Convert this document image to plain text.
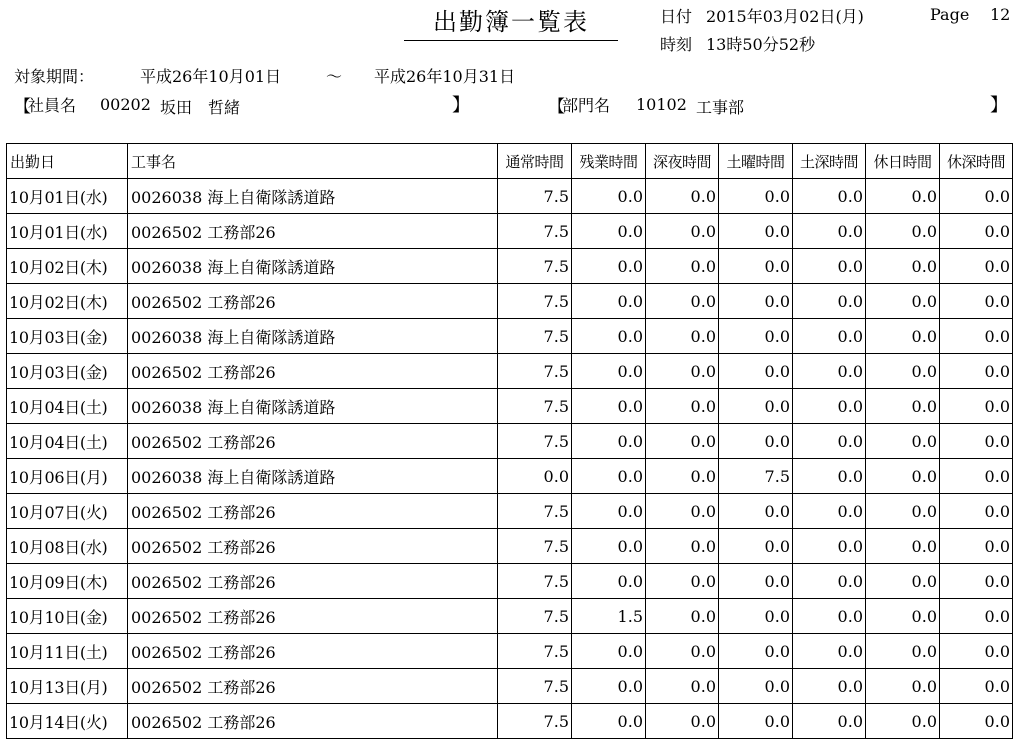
出勤簿一覧表	日付 2015年03月02日(月)
時刻 13時50分52秒
Page 12
対象期間：	平成26年10月01日	～ 平成26年10月31日
【
社員名 00202 坂田　哲緒	】	【
部門名 10102 工事部	】
出勤日	工事名	通常時間	残業時間	深夜時間	土曜時間	土深時間	休日時間	休深時間
10月01日(水)	0026038 海上自衛隊誘道路	7.5	0.0	0.0	0.0	0.0	0.0	0.0
10月01日(水)	0026502 工務部26	7.5	0.0	0.0	0.0	0.0	0.0	0.0
10月02日(木)	0026038 海上自衛隊誘道路	7.5	0.0	0.0	0.0	0.0	0.0	0.0
10月02日(木)	0026502 工務部26	7.5	0.0	0.0	0.0	0.0	0.0	0.0
10月03日(金)	0026038 海上自衛隊誘道路	7.5	0.0	0.0	0.0	0.0	0.0	0.0
10月03日(金)	0026502 工務部26	7.5	0.0	0.0	0.0	0.0	0.0	0.0
10月04日(土)	0026038 海上自衛隊誘道路	7.5	0.0	0.0	0.0	0.0	0.0	0.0
10月04日(土)	0026502 工務部26	7.5	0.0	0.0	0.0	0.0	0.0	0.0
10月06日(月)	0026038 海上自衛隊誘道路	0.0	0.0	0.0	7.5	0.0	0.0	0.0
10月07日(火)	0026502 工務部26	7.5	0.0	0.0	0.0	0.0	0.0	0.0
10月08日(水)	0026502 工務部26	7.5	0.0	0.0	0.0	0.0	0.0	0.0
10月09日(木)	0026502 工務部26	7.5	0.0	0.0	0.0	0.0	0.0	0.0
10月10日(金)	0026502 工務部26	7.5	1.5	0.0	0.0	0.0	0.0	0.0
10月11日(土)	0026502 工務部26	7.5	0.0	0.0	0.0	0.0	0.0	0.0
10月13日(月)	0026502 工務部26	7.5	0.0	0.0	0.0	0.0	0.0	0.0
10月14日(火)	0026502 工務部26	7.5	0.0	0.0	0.0	0.0	0.0	0.0
